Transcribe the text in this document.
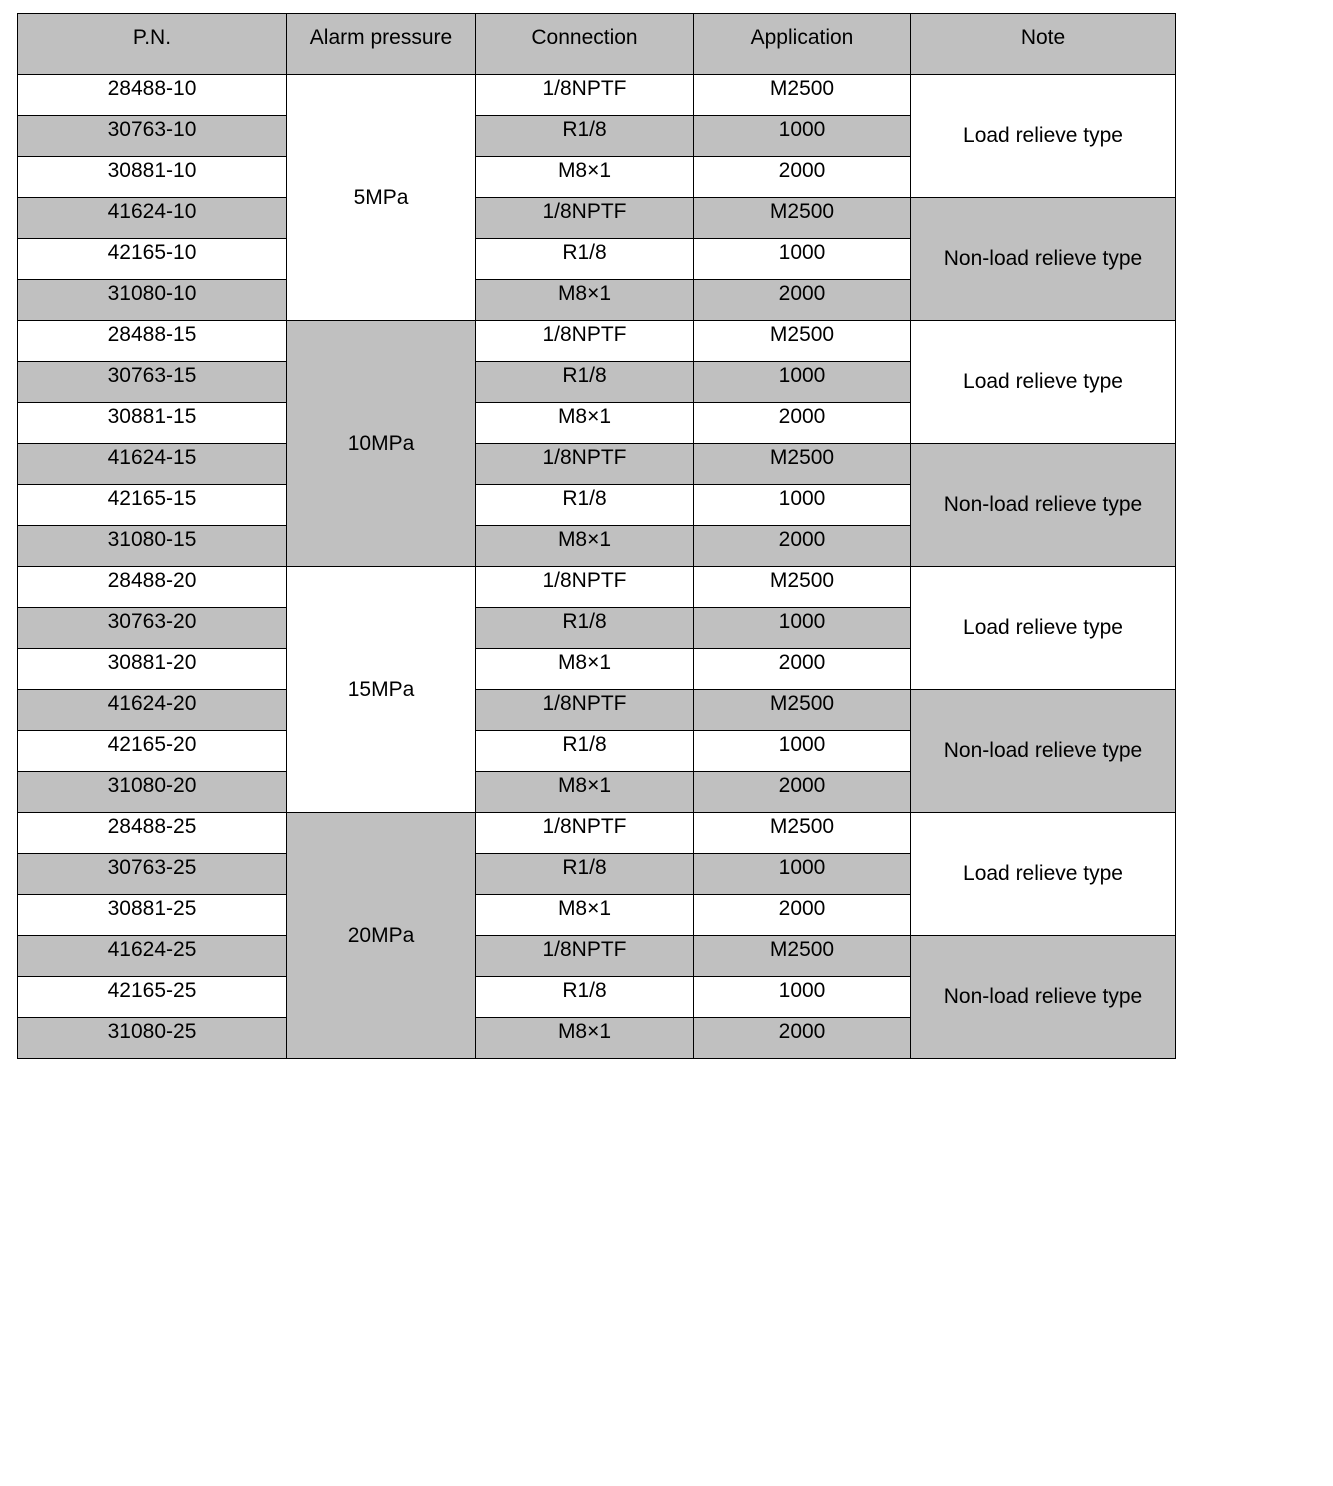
P.N.	Alarm pressure	Connection	Application	Note
28488-10	5MPa	1/8NPTF	M2500	Load relieve type
30763-10		R1/8	1000	
30881-10		M8×1	2000	
41624-10		1/8NPTF	M2500	Non-load relieve type
42165-10		R1/8	1000	
31080-10		M8×1	2000	
28488-15	10MPa	1/8NPTF	M2500	Load relieve type
30763-15		R1/8	1000	
30881-15		M8×1	2000	
41624-15		1/8NPTF	M2500	Non-load relieve type
42165-15		R1/8	1000	
31080-15		M8×1	2000	
28488-20	15MPa	1/8NPTF	M2500	Load relieve type
30763-20		R1/8	1000	
30881-20		M8×1	2000	
41624-20		1/8NPTF	M2500	Non-load relieve type
42165-20		R1/8	1000	
31080-20		M8×1	2000	
28488-25	20MPa	1/8NPTF	M2500	Load relieve type
30763-25		R1/8	1000	
30881-25		M8×1	2000	
41624-25		1/8NPTF	M2500	Non-load relieve type
42165-25		R1/8	1000	
31080-25		M8×1	2000	
